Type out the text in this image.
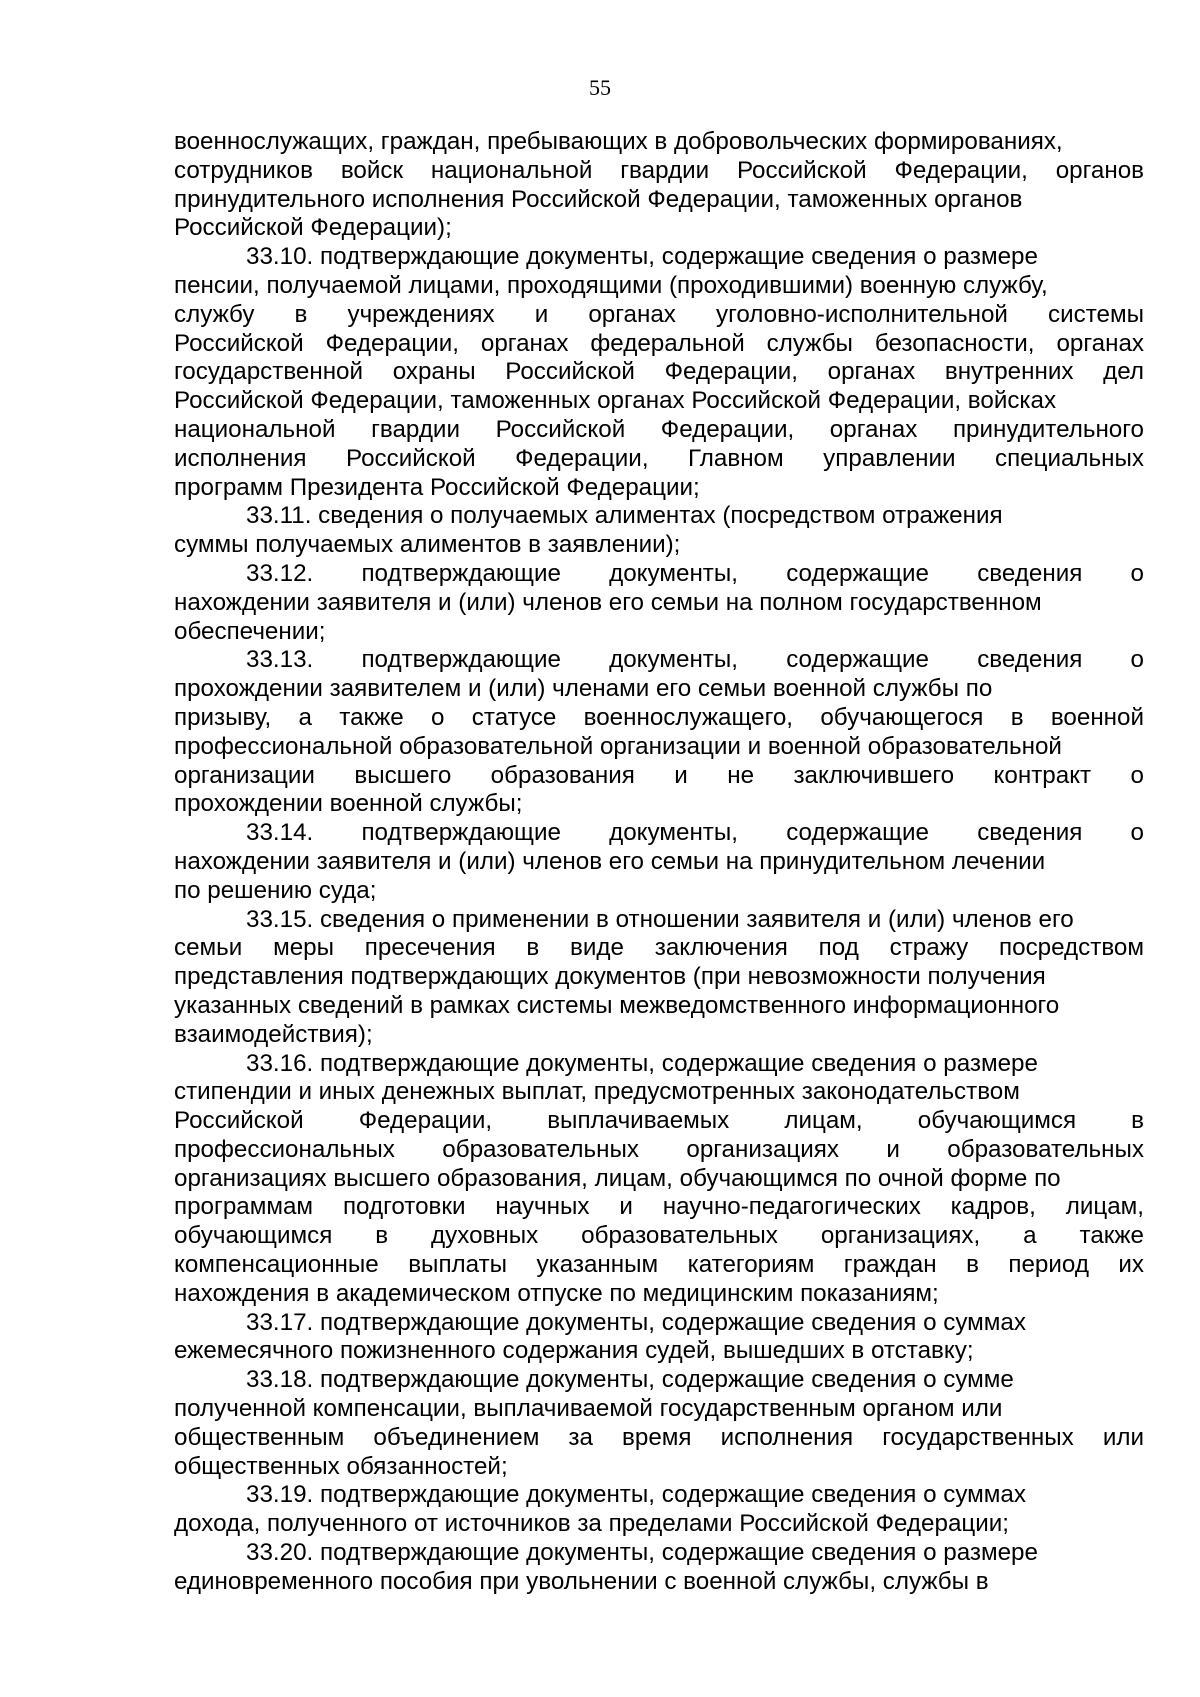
55
военнослужащих, граждан, пребывающих в добровольческих формированиях,
сотрудников войск национальной гвардии Российской Федерации, органов
принудительного исполнения Российской Федерации, таможенных органов
Российской Федерации);
33.10. подтверждающие документы, содержащие сведения о размере
пенсии, получаемой лицами, проходящими (проходившими) военную службу,
службу в учреждениях и органах уголовно-исполнительной системы
Российской Федерации, органах федеральной службы безопасности, органах
государственной охраны Российской Федерации, органах внутренних дел
Российской Федерации, таможенных органах Российской Федерации, войсках
национальной гвардии Российской Федерации, органах принудительного
исполнения Российской Федерации, Главном управлении специальных
программ Президента Российской Федерации;
33.11. сведения о получаемых алиментах (посредством отражения
суммы получаемых алиментов в заявлении);
33.12. подтверждающие документы, содержащие сведения о
нахождении заявителя и (или) членов его семьи на полном государственном
обеспечении;
33.13. подтверждающие документы, содержащие сведения о
прохождении заявителем и (или) членами его семьи военной службы по
призыву, а также о статусе военнослужащего, обучающегося в военной
профессиональной образовательной организации и военной образовательной
организации высшего образования и не заключившего контракт о
прохождении военной службы;
33.14. подтверждающие документы, содержащие сведения о
нахождении заявителя и (или) членов его семьи на принудительном лечении
по решению суда;
33.15. сведения о применении в отношении заявителя и (или) членов его
семьи меры пресечения в виде заключения под стражу посредством
представления подтверждающих документов (при невозможности получения
указанных сведений в рамках системы межведомственного информационного
взаимодействия);
33.16. подтверждающие документы, содержащие сведения о размере
стипендии и иных денежных выплат, предусмотренных законодательством
Российской Федерации, выплачиваемых лицам, обучающимся в
профессиональных образовательных организациях и образовательных
организациях высшего образования, лицам, обучающимся по очной форме по
программам подготовки научных и научно-педагогических кадров, лицам,
обучающимся в духовных образовательных организациях, а также
компенсационные выплаты указанным категориям граждан в период их
нахождения в академическом отпуске по медицинским показаниям;
33.17. подтверждающие документы, содержащие сведения о суммах
ежемесячного пожизненного содержания судей, вышедших в отставку;
33.18. подтверждающие документы, содержащие сведения о сумме
полученной компенсации, выплачиваемой государственным органом или
общественным объединением за время исполнения государственных или
общественных обязанностей;
33.19. подтверждающие документы, содержащие сведения о суммах
дохода, полученного от источников за пределами Российской Федерации;
33.20. подтверждающие документы, содержащие сведения о размере
единовременного пособия при увольнении с военной службы, службы в
